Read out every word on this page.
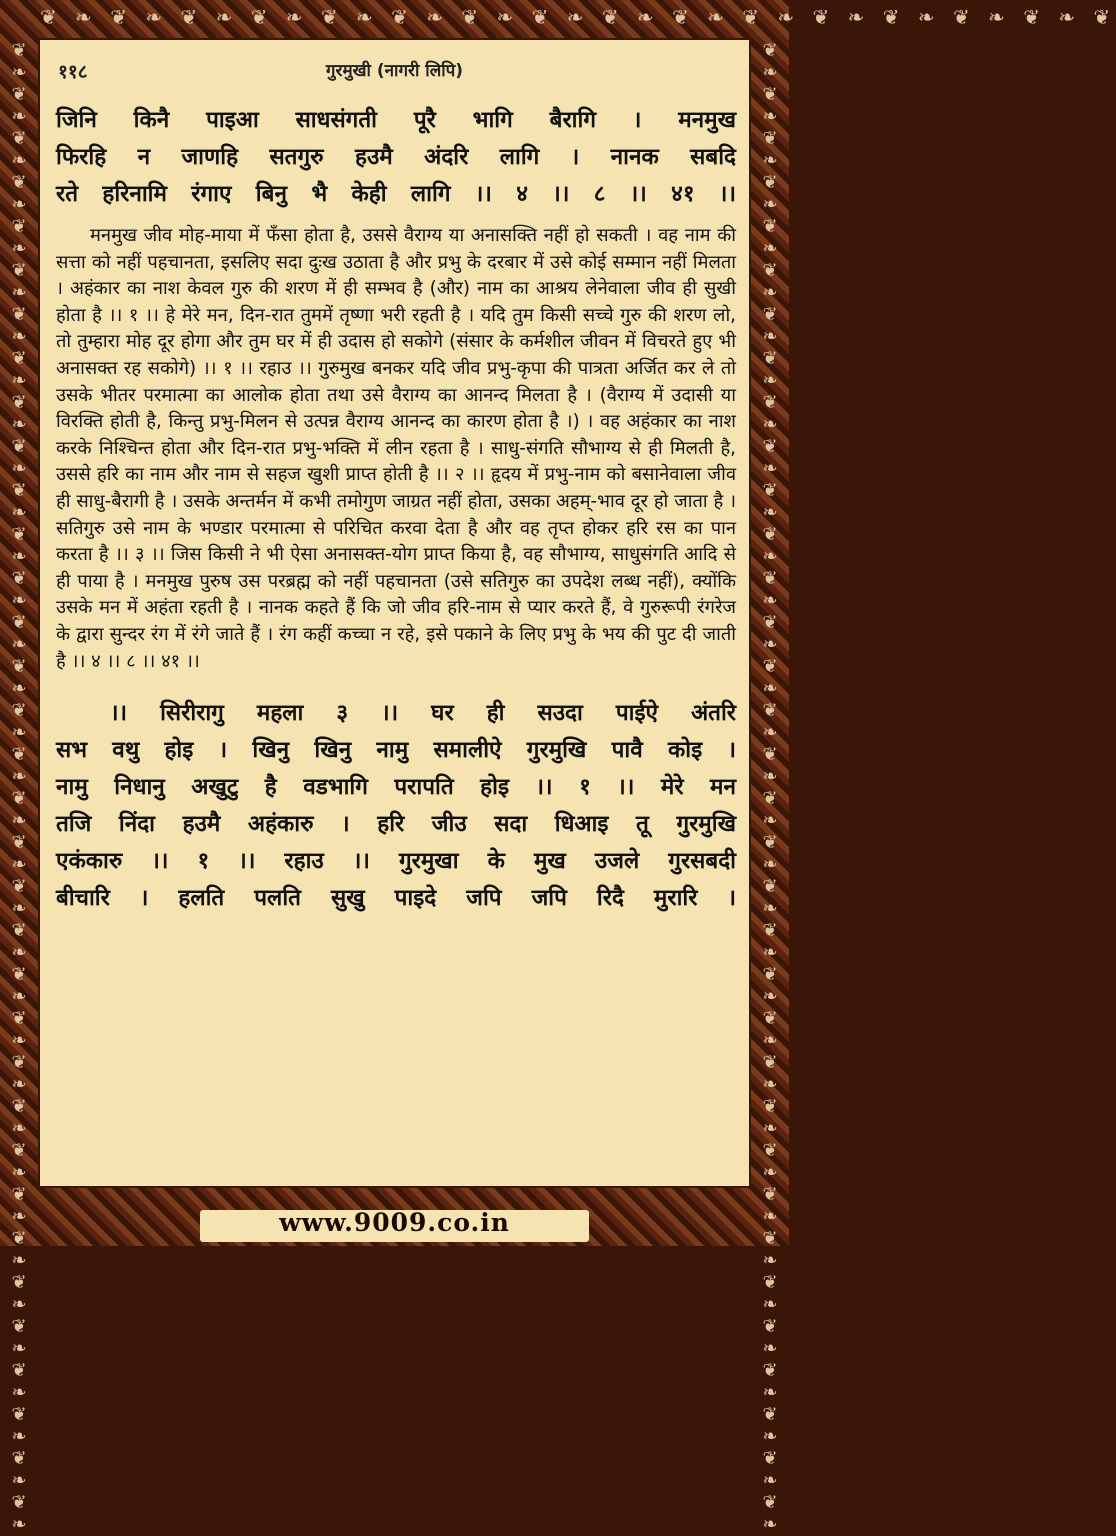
❦ ❧ ❦ ❧ ❦ ❧ ❦ ❧ ❦ ❧ ❦ ❧ ❦ ❧ ❦ ❧ ❦ ❧ ❦ ❧ ❦ ❧ ❦ ❧ ❦ ❧ ❦ ❧ ❦ ❧ ❦
❦❧❦❧❦❧❦❧❦❧❦❧❦❧❦❧❦❧❦❧❦❧❦❧❦❧❦❧❦❧❦❧❦❧❦❧❦❧❦❧❦❧❦❧❦❧❦❧❦❧❦❧❦❧❦❧❦❧❦❧❦❧❦❧❦❧❦❧
❦❧❦❧❦❧❦❧❦❧❦❧❦❧❦❧❦❧❦❧❦❧❦❧❦❧❦❧❦❧❦❧❦❧❦❧❦❧❦❧❦❧❦❧❦❧❦❧❦❧❦❧❦❧❦❧❦❧❦❧❦❧❦❧❦❧❦❧
११८	गुरमुखी (नागरी लिपि)

जिनि किनै पाइआ साधसंगती पूरै भागि बैरागि । मनमुख
फिरहि न जाणहि सतगुरु हउमै अंदरि लागि । नानक सबदि
रते हरिनामि रंगाए बिनु भै केही लागि ।। ४ ।। ८ ।। ४१ ।।

मनमुख जीव मोह-माया में फँसा होता है, उससे वैराग्य या अनासक्ति नहीं हो सकती । वह नाम की सत्ता को नहीं पहचानता, इसलिए सदा दुःख उठाता है और प्रभु के दरबार में उसे कोई सम्मान नहीं मिलता । अहंकार का नाश केवल गुरु की शरण में ही सम्भव है (और) नाम का आश्रय लेनेवाला जीव ही सुखी होता है ।। १ ।। हे मेरे मन, दिन-रात तुममें तृष्णा भरी रहती है । यदि तुम किसी सच्चे गुरु की शरण लो, तो तुम्हारा मोह दूर होगा और तुम घर में ही उदास हो सकोगे (संसार के कर्मशील जीवन में विचरते हुए भी अनासक्त रह सकोगे) ।। १ ।। रहाउ ।। गुरुमुख बनकर यदि जीव प्रभु-कृपा की पात्रता अर्जित कर ले तो उसके भीतर परमात्मा का आलोक होता तथा उसे वैराग्य का आनन्द मिलता है । (वैराग्य में उदासी या विरक्ति होती है, किन्तु प्रभु-मिलन से उत्पन्न वैराग्य आनन्द का कारण होता है ।) । वह अहंकार का नाश करके निश्चिन्त होता और दिन-रात प्रभु-भक्ति में लीन रहता है । साधु-संगति सौभाग्य से ही मिलती है, उससे हरि का नाम और नाम से सहज खुशी प्राप्त होती है ।। २ ।। हृदय में प्रभु-नाम को बसानेवाला जीव ही साधु-बैरागी है । उसके अन्तर्मन में कभी तमोगुण जाग्रत नहीं होता, उसका अहम्-भाव दूर हो जाता है । सतिगुरु उसे नाम के भण्डार परमात्मा से परिचित करवा देता है और वह तृप्त होकर हरि रस का पान करता है ।। ३ ।। जिस किसी ने भी ऐसा अनासक्त-योग प्राप्त किया है, वह सौभाग्य, साधुसंगति आदि से ही पाया है । मनमुख पुरुष उस परब्रह्म को नहीं पहचानता (उसे सतिगुरु का उपदेश लब्ध नहीं), क्योंकि उसके मन में अहंता रहती है । नानक कहते हैं कि जो जीव हरि-नाम से प्यार करते हैं, वे गुरुरूपी रंगरेज के द्वारा सुन्दर रंग में रंगे जाते हैं । रंग कहीं कच्चा न रहे, इसे पकाने के लिए प्रभु के भय की पुट दी जाती है ।। ४ ।। ८ ।। ४१ ।।

।। सिरीरागु महला ३ ।। घर ही सउदा पाईऐ अंतरि
सभ वथु होइ । खिनु खिनु नामु समालीऐ गुरमुखि पावै कोइ ।
नामु निधानु अखुटु है वडभागि परापति होइ ।। १ ।। मेरे मन
तजि निंदा हउमै अहंकारु । हरि जीउ सदा धिआइ तू गुरमुखि
एकंकारु ।। १ ।। रहाउ ।। गुरमुखा के मुख उजले गुरसबदी
बीचारि । हलति पलति सुखु पाइदे जपि जपि रिदै मुरारि ।

www.9009.co.in
